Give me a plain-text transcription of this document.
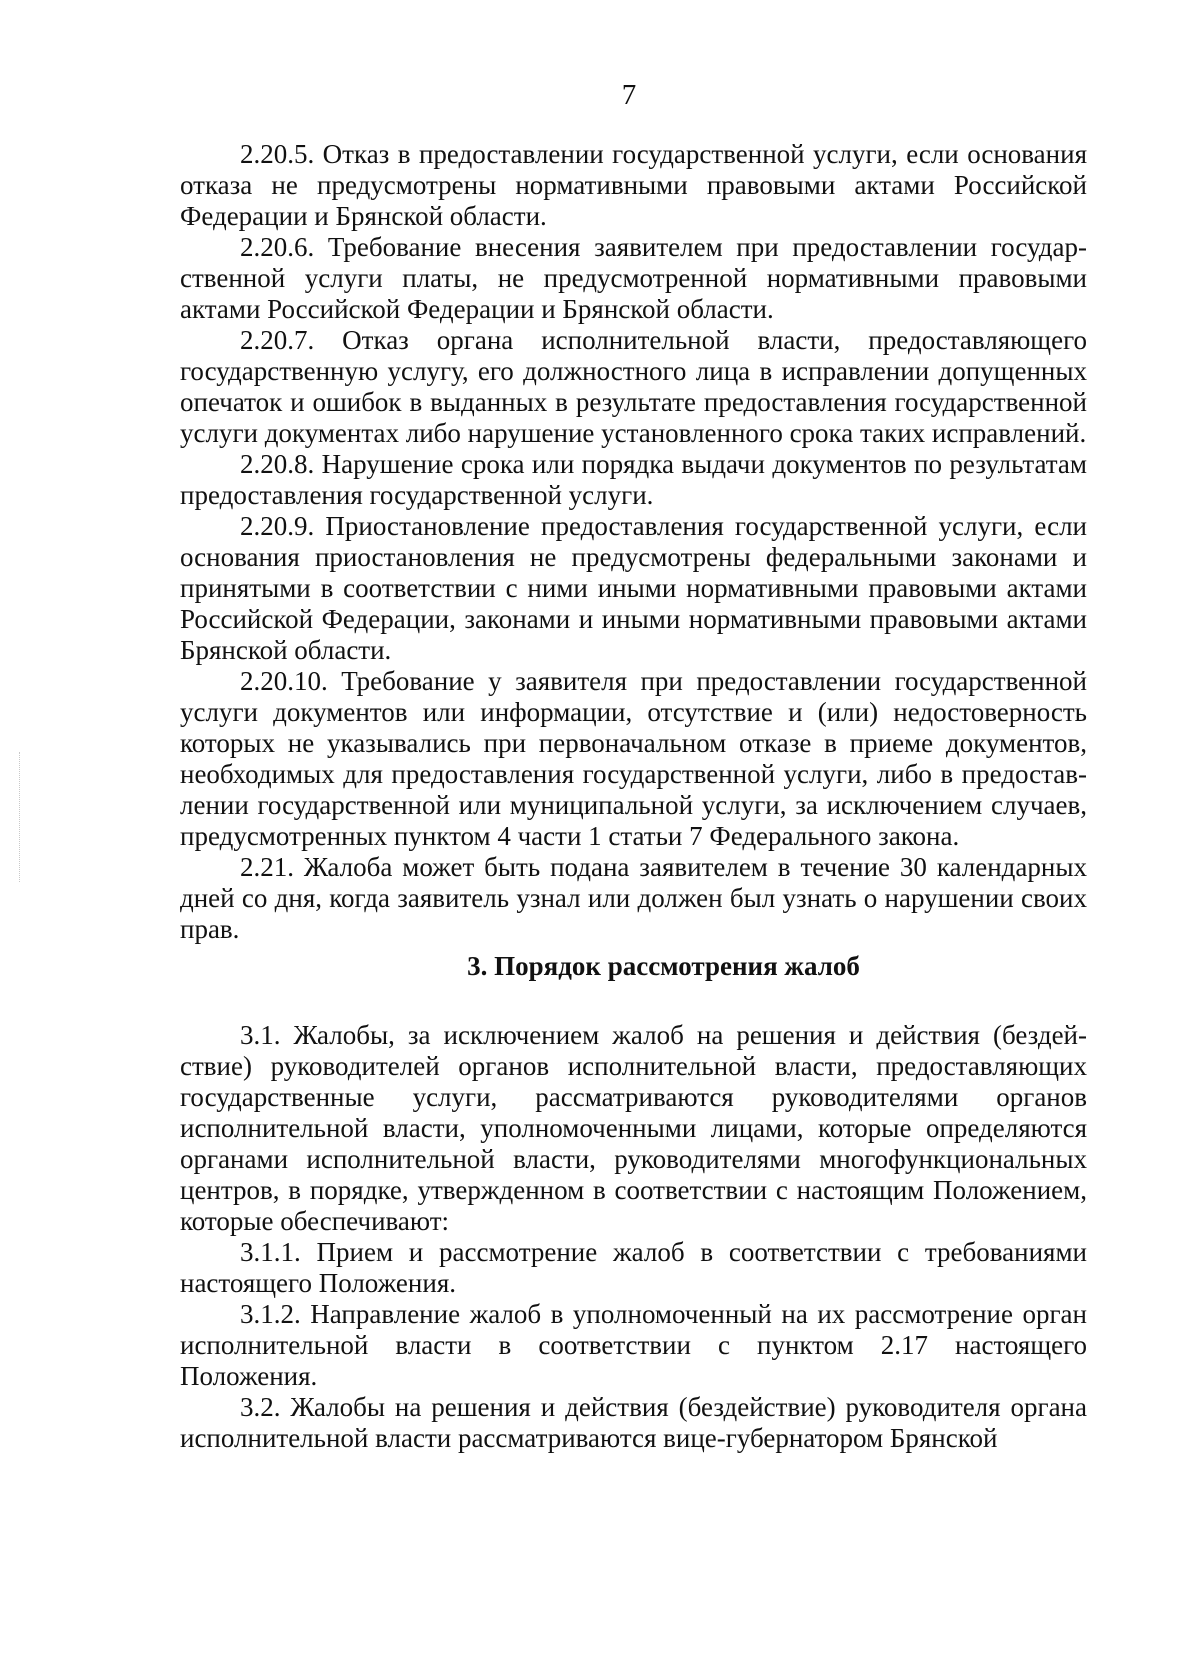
7

2.20.5. Отказ в предоставлении государственной услуги, если основания отказа не предусмотрены нормативными правовыми актами Российской Федерации и Брянской области.

2.20.6. Требование внесения заявителем при предоставлении государственной услуги платы, не предусмотренной нормативными правовыми актами Российской Федерации и Брянской области.

2.20.7. Отказ органа исполнительной власти, предоставляющего государственную услугу, его должностного лица в исправлении допущенных опечаток и ошибок в выданных в результате предоставления государственной услуги документах либо нарушение установленного срока таких исправлений.

2.20.8. Нарушение срока или порядка выдачи документов по результатам предоставления государственной услуги.

2.20.9. Приостановление предоставления государственной услуги, если основания приостановления не предусмотрены федеральными законами и принятыми в соответствии с ними иными нормативными правовыми актами Российской Федерации, законами и иными нормативными правовыми актами Брянской области.

2.20.10. Требование у заявителя при предоставлении государственной услуги документов или информации, отсутствие и (или) недостоверность которых не указывались при первоначальном отказе в приеме документов, необходимых для предоставления государственной услуги, либо в предоставлении государственной или муниципальной услуги, за исключением случаев, предусмотренных пунктом 4 части 1 статьи 7 Федерального закона.

2.21. Жалоба может быть подана заявителем в течение 30 календарных дней со дня, когда заявитель узнал или должен был узнать о нарушении своих прав.

3. Порядок рассмотрения жалоб

3.1. Жалобы, за исключением жалоб на решения и действия (бездействие) руководителей органов исполнительной власти, предоставляющих государственные услуги, рассматриваются руководителями органов исполнительной власти, уполномоченными лицами, которые определяются органами исполнительной власти, руководителями многофункциональных центров, в порядке, утвержденном в соответствии с настоящим Положением, которые обеспечивают:

3.1.1. Прием и рассмотрение жалоб в соответствии с требованиями настоящего Положения.

3.1.2. Направление жалоб в уполномоченный на их рассмотрение орган исполнительной власти в соответствии с пунктом 2.17 настоящего Положения.

3.2. Жалобы на решения и действия (бездействие) руководителя органа исполнительной власти рассматриваются вице-губернатором Брянской
